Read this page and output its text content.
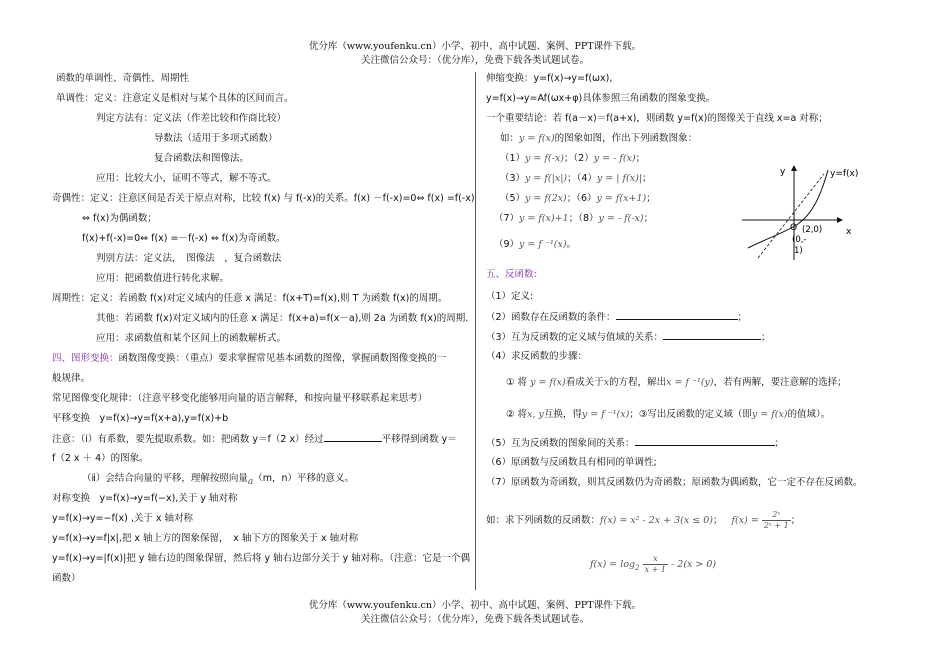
优分库（www.youfenku.cn）小学、初中、高中试题、案例、PPT课件下载。
关注微信公众号：（优分库），免费下载各类试题试卷。
函数的单调性、奇偶性、周期性
单调性：定义：注意定义是相对与某个具体的区间而言。
判定方法有：定义法（作差比较和作商比较）
导数法（适用于多项式函数）
复合函数法和图像法。
应用：比较大小，证明不等式，解不等式。
奇偶性：定义：注意区间是否关于原点对称，比较 f(x) 与 f(-x)的关系。f(x) －f(-x)=0⇔ f(x) =f(-x)
⇔ f(x)为偶函数；
f(x)+f(-x)=0⇔ f(x) =－f(-x) ⇔ f(x)为奇函数。
判别方法：定义法，　图像法　，复合函数法
应用：把函数值进行转化求解。
周期性：定义：若函数 f(x)对定义域内的任意 x 满足：f(x+T)=f(x),则 T 为函数 f(x)的周期。
其他：若函数 f(x)对定义域内的任意 x 满足：f(x+a)=f(x－a),则 2a 为函数 f(x)的周期.
应用：求函数值和某个区间上的函数解析式。
四、图形变换：函数图像变换：（重点）要求掌握常见基本函数的图像，掌握函数图像变换的一
般规律。
常见图像变化规律：（注意平移变化能够用向量的语言解释，和按向量平移联系起来思考）
平移变换　y=f(x)→y=f(x+a),y=f(x)+b
注意：（ⅰ）有系数，要先提取系数。如：把函数 y＝f（2 x）经过	平移得到函数 y＝
f（2 x ＋ 4）的图象。
（ⅱ）会结合向量的平移，理解按照向量a（m，n）平移的意义。
对称变换　y=f(x)→y=f(−x),关于 y 轴对称
y=f(x)→y=−f(x) ,关于 x 轴对称
y=f(x)→y=f|x|,把 x 轴上方的图象保留，　x 轴下方的图象关于 x 轴对称
y=f(x)→y=|f(x)|把 y 轴右边的图象保留，然后将 y 轴右边部分关于 y 轴对称。（注意：它是一个偶
函数）
伸缩变换：y=f(x)→y=f(ωx),
y=f(x)→y=Af(ωx+φ)具体参照三角函数的图象变换。
一个重要结论：若 f(a－x)＝f(a+x)，则函数 y=f(x)的图像关于直线 x=a 对称；
如：y = f(x)的图象如图，作出下列函数图象：
（1）y = f(-x)；（2）y = - f(x)；
（3）y = f(|x|)；（4）y = | f(x)|；
（5）y = f(2x)；（6）y = f(x+1)；
（7）y = f(x)+1；（8）y = - f(-x)；
（9）y = f ⁻¹(x)。
五、反函数:
（1）定义:
（2）函数存在反函数的条件：	；
（3）互为反函数的定义域与值域的关系：	；
（4）求反函数的步骤：
① 将 y = f(x)看成关于x的方程，解出x = f ⁻¹(y)，若有两解，要注意解的选择；
② 将x, y互换，得y = f ⁻¹(x)；③写出反函数的定义域（即y = f(x)的值域）。
（5）互为反函数的图象间的关系：	；
（6）原函数与反函数具有相同的单调性;
（7）原函数为奇函数，则其反函数仍为奇函数；原函数为偶函数，它一定不存在反函数。
如：求下列函数的反函数：f(x) = x² - 2x + 3(x ≤ 0)； $f(x) = \frac{\text{2ˣ}}{\text{2ˣ + 1}}$ ；
$f(x) = \log_2 \frac{x}{x + 1} - 2(x > 0)$
y
x
y=f(x)
O (2,0)
(0,-
1)
优分库（www.youfenku.cn）小学、初中、高中试题、案例、PPT课件下载。
关注微信公众号：（优分库），免费下载各类试题试卷。
